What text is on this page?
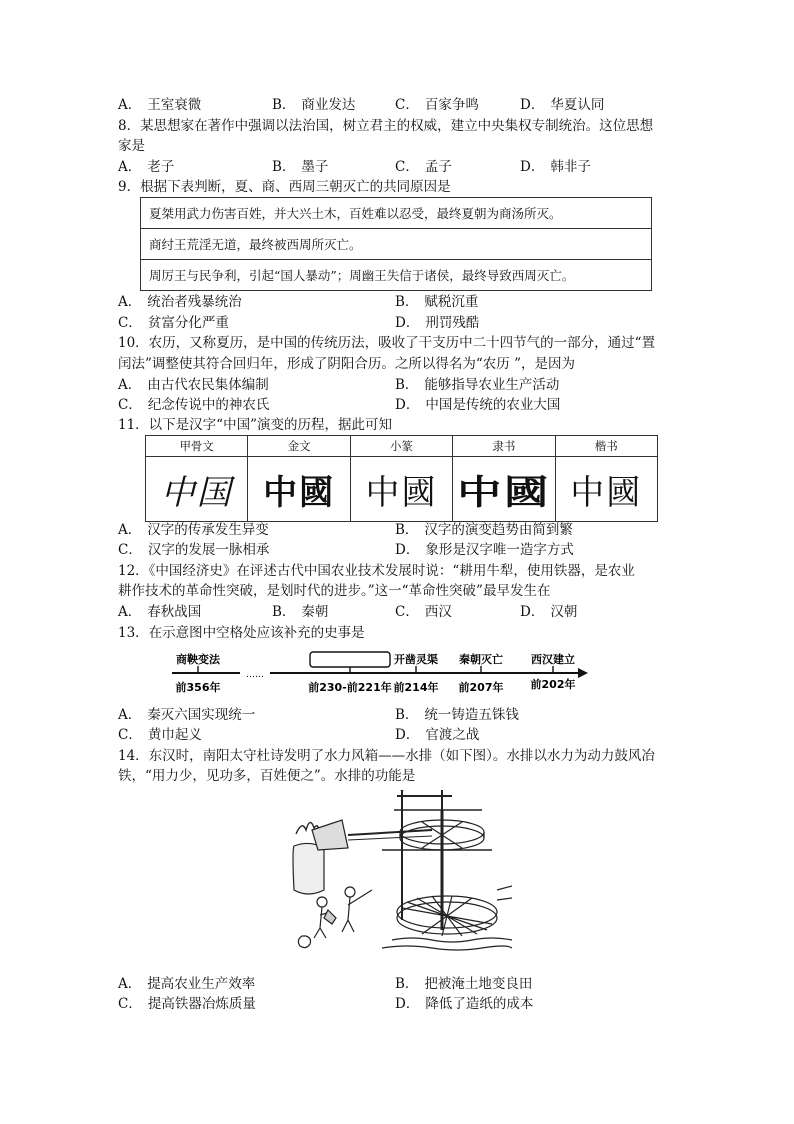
A． 王室衰微	B． 商业发达	C． 百家争鸣	D． 华夏认同
8．某思想家在著作中强调以法治国，树立君主的权威，建立中央集权专制统治。这位思想
家是
A． 老子	B． 墨子	C． 孟子	D． 韩非子
9．根据下表判断，夏、商、西周三朝灭亡的共同原因是
夏桀用武力伤害百姓，并大兴土木，百姓难以忍受，最终夏朝为商汤所灭。
商纣王荒淫无道，最终被西周所灭亡。
周厉王与民争利，引起“国人暴动”；周幽王失信于诸侯，最终导致西周灭亡。
A． 统治者残暴统治	B． 赋税沉重
C． 贫富分化严重	D． 刑罚残酷
10．农历，又称夏历，是中国的传统历法，吸收了干支历中二十四节气的一部分，通过“置
闰法”调整使其符合回归年，形成了阴阳合历。之所以得名为“农历 ”，是因为
A． 由古代农民集体编制	B． 能够指导农业生产活动
C． 纪念传说中的神农氏	D． 中国是传统的农业大国
11．以下是汉字“中国”演变的历程，据此可知
甲骨文	金文	小篆	隶书	楷书
中国	中國	中國	中國	中國
A． 汉字的传承发生异变	B． 汉字的演变趋势由简到繁
C． 汉字的发展一脉相承	D． 象形是汉字唯一造字方式
12．《中国经济史》在评述古代中国农业技术发展时说：“耕用牛犁，使用铁器，是农业
耕作技术的革命性突破，是划时代的进步。”这一“革命性突破”最早发生在
A． 春秋战国	B． 秦朝	C． 西汉	D． 汉朝
13．在示意图中空格处应该补充的史事是
商鞅变法
……
开凿灵渠 秦朝灭亡	西汉建立
前356年	前230-前221年 前214年 前207年 前202年
A． 秦灭六国实现统一	B． 统一铸造五铢钱
C． 黄巾起义	D． 官渡之战
14．东汉时，南阳太守杜诗发明了水力风箱——水排（如下图）。水排以水力为动力鼓风冶
铁，“用力少，见功多，百姓便之”。水排的功能是
A． 提高农业生产效率	B． 把被淹土地变良田
C． 提高铁器冶炼质量	D． 降低了造纸的成本
